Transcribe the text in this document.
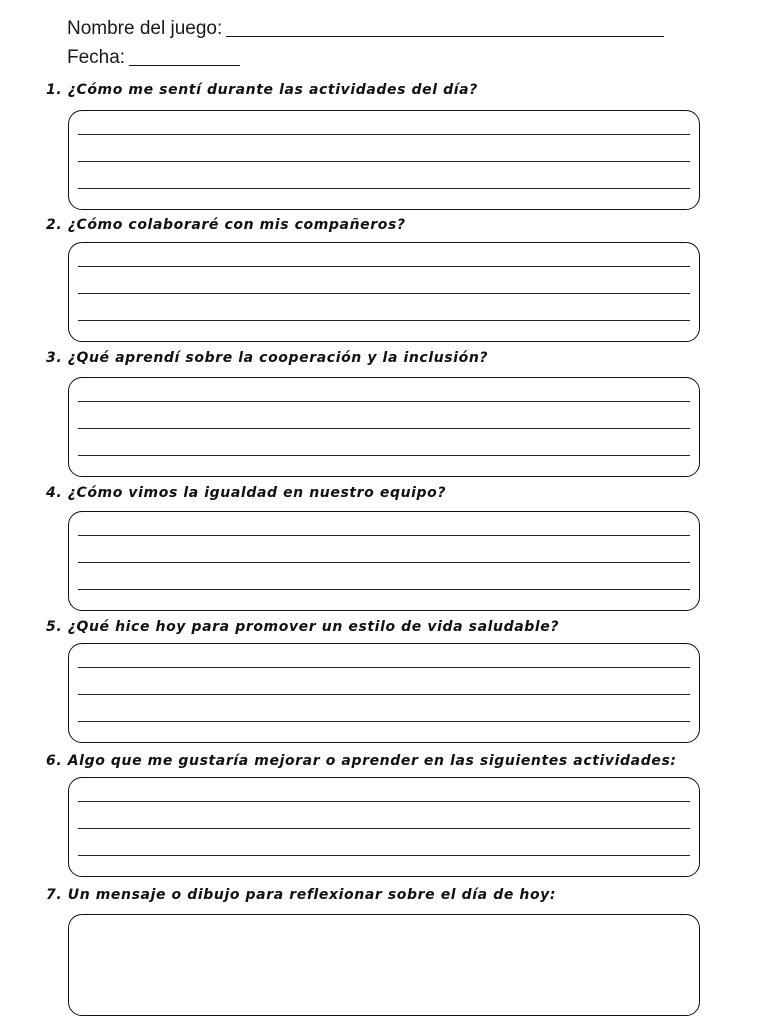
Nombre del juego:
Fecha:
1. ¿Cómo me sentí durante las actividades del día?
2. ¿Cómo colaboraré con mis compañeros?
3. ¿Qué aprendí sobre la cooperación y la inclusión?
4. ¿Cómo vimos la igualdad en nuestro equipo?
5. ¿Qué hice hoy para promover un estilo de vida saludable?
6. Algo que me gustaría mejorar o aprender en las siguientes actividades:
7. Un mensaje o dibujo para reflexionar sobre el día de hoy:
